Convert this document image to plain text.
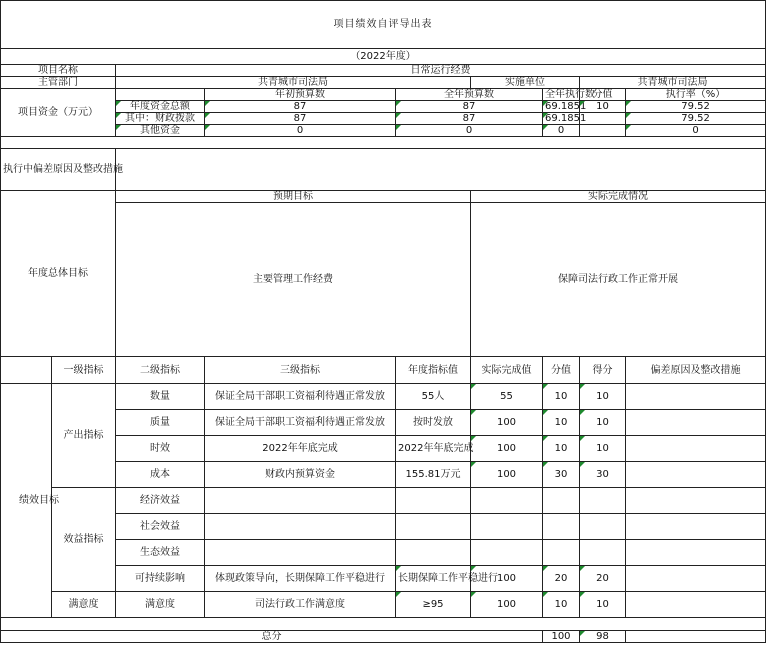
项目绩效自评导出表								
（2022年度）								
项目名称		日常运行经费						
主管部门		共青城市司法局			实施单位		共青城市司法局	
项目资金（万元）			年初预算数	全年预算数		全年执行数	分值	执行率（%）
		年度资金总额	87	87		69.1851	10	79.52
		其中：财政拨款	87	87		69.1851		79.52
		其他资金	0	0		0		0

执行中偏差原因及整改措施								
年度总体目标		预期目标			实际完成情况			
		主要管理工作经费			保障司法行政工作正常开展			
	一级指标	二级指标	三级指标	年度指标值	实际完成值	分值	得分	偏差原因及整改措施
绩效目标	产出指标	数量	保证全局干部职工资福利待遇正常发放	55人	55	10	10	
		质量	保证全局干部职工资福利待遇正常发放	按时发放	100	10	10	
		时效	2022年年底完成	2022年年底完成	100	10	10	
		成本	财政内预算资金	155.81万元	100	30	30	
	效益指标	经济效益						
		社会效益						
		生态效益						
		可持续影响	体现政策导向，长期保障工作平稳进行	长期保障工作平稳进行	100	20	20	
	满意度	满意度	司法行政工作满意度	≥95	100	10	10	

总分						100	98	
